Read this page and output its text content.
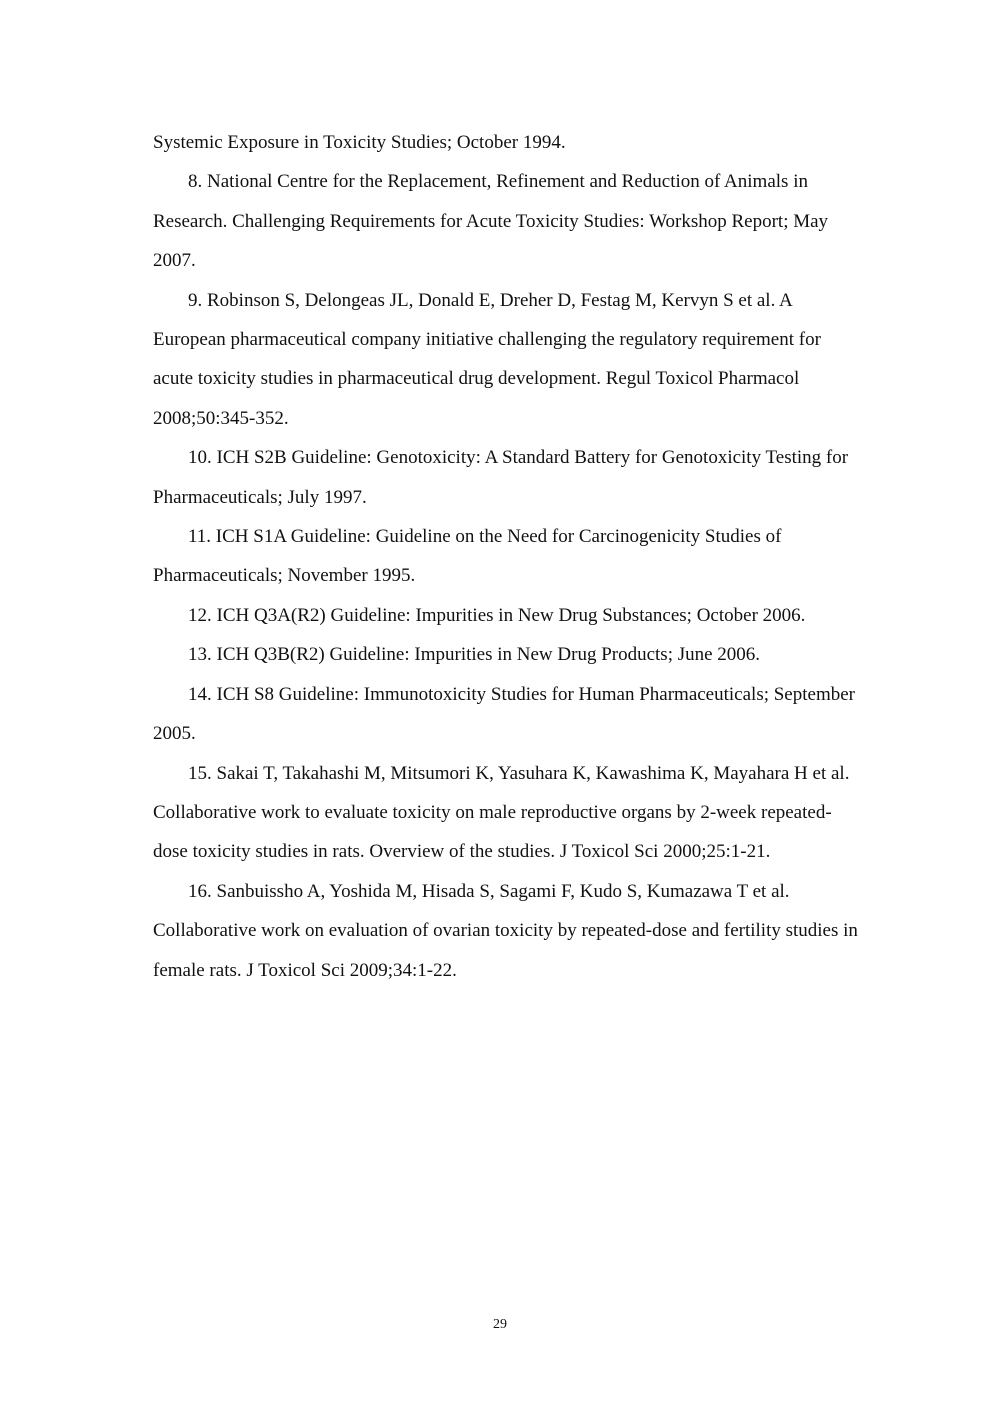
Systemic Exposure in Toxicity Studies; October 1994.

8. National Centre for the Replacement, Refinement and Reduction of Animals in Research. Challenging Requirements for Acute Toxicity Studies: Workshop Report; May 2007.

9. Robinson S, Delongeas JL, Donald E, Dreher D, Festag M, Kervyn S et al. A European pharmaceutical company initiative challenging the regulatory requirement for acute toxicity studies in pharmaceutical drug development. Regul Toxicol Pharmacol 2008;50:345-352.

10. ICH S2B Guideline: Genotoxicity: A Standard Battery for Genotoxicity Testing for Pharmaceuticals; July 1997.

11. ICH S1A Guideline: Guideline on the Need for Carcinogenicity Studies of Pharmaceuticals; November 1995.

12. ICH Q3A(R2) Guideline: Impurities in New Drug Substances; October 2006.

13. ICH Q3B(R2) Guideline: Impurities in New Drug Products; June 2006.

14. ICH S8 Guideline: Immunotoxicity Studies for Human Pharmaceuticals; September 2005.

15. Sakai T, Takahashi M, Mitsumori K, Yasuhara K, Kawashima K, Mayahara H et al. Collaborative work to evaluate toxicity on male reproductive organs by 2-week repeated-dose toxicity studies in rats. Overview of the studies. J Toxicol Sci 2000;25:1-21.

16. Sanbuissho A, Yoshida M, Hisada S, Sagami F, Kudo S, Kumazawa T et al. Collaborative work on evaluation of ovarian toxicity by repeated-dose and fertility studies in female rats. J Toxicol Sci 2009;34:1-22.

29
